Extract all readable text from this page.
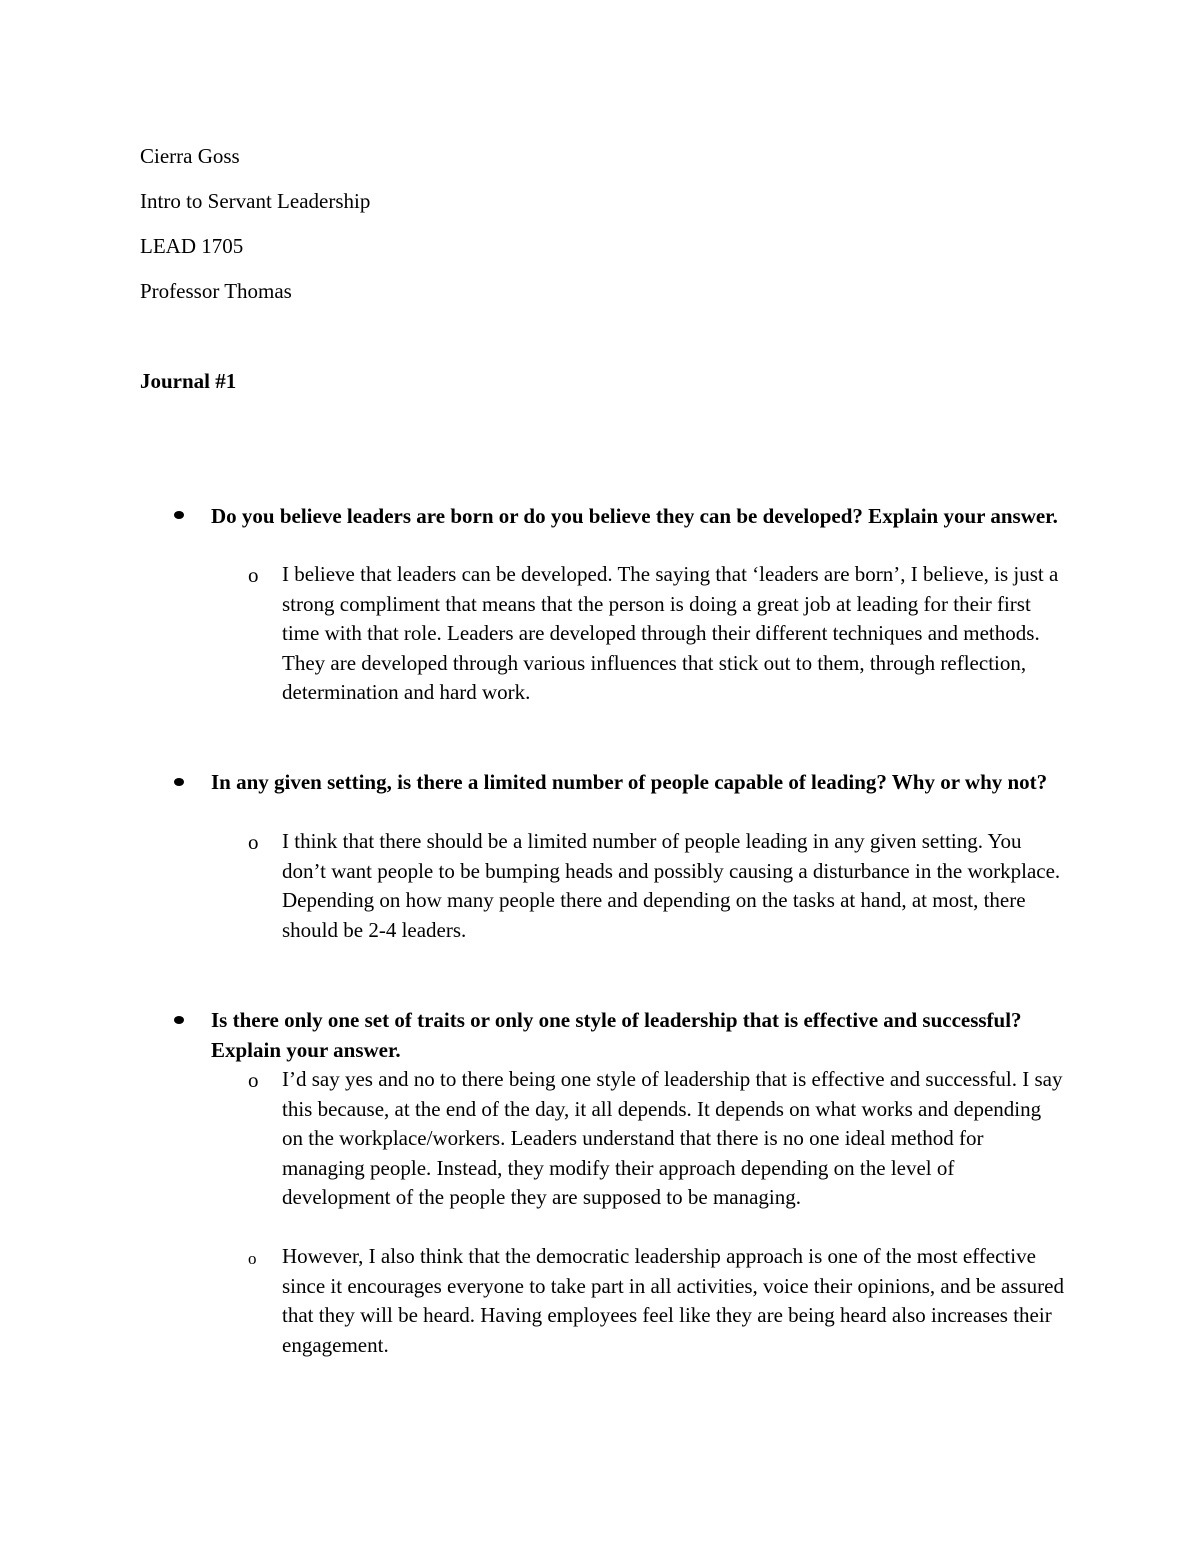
Cierra Goss
Intro to Servant Leadership
LEAD 1705
Professor Thomas
Journal #1
Do you believe leaders are born or do you believe they can be developed? Explain your answer.
o I believe that leaders can be developed. The saying that ‘leaders are born’, I believe, is just a strong compliment that means that the person is doing a great job at leading for their first time with that role. Leaders are developed through their different techniques and methods. They are developed through various influences that stick out to them, through reflection, determination and hard work.
In any given setting, is there a limited number of people capable of leading? Why or why not?
o I think that there should be a limited number of people leading in any given setting. You don’t want people to be bumping heads and possibly causing a disturbance in the workplace. Depending on how many people there and depending on the tasks at hand, at most, there should be 2-4 leaders.
Is there only one set of traits or only one style of leadership that is effective and successful? Explain your answer.
o I’d say yes and no to there being one style of leadership that is effective and successful. I say this because, at the end of the day, it all depends. It depends on what works and depending on the workplace/workers. Leaders understand that there is no one ideal method for managing people. Instead, they modify their approach depending on the level of development of the people they are supposed to be managing.
o However, I also think that the democratic leadership approach is one of the most effective since it encourages everyone to take part in all activities, voice their opinions, and be assured that they will be heard. Having employees feel like they are being heard also increases their engagement.
